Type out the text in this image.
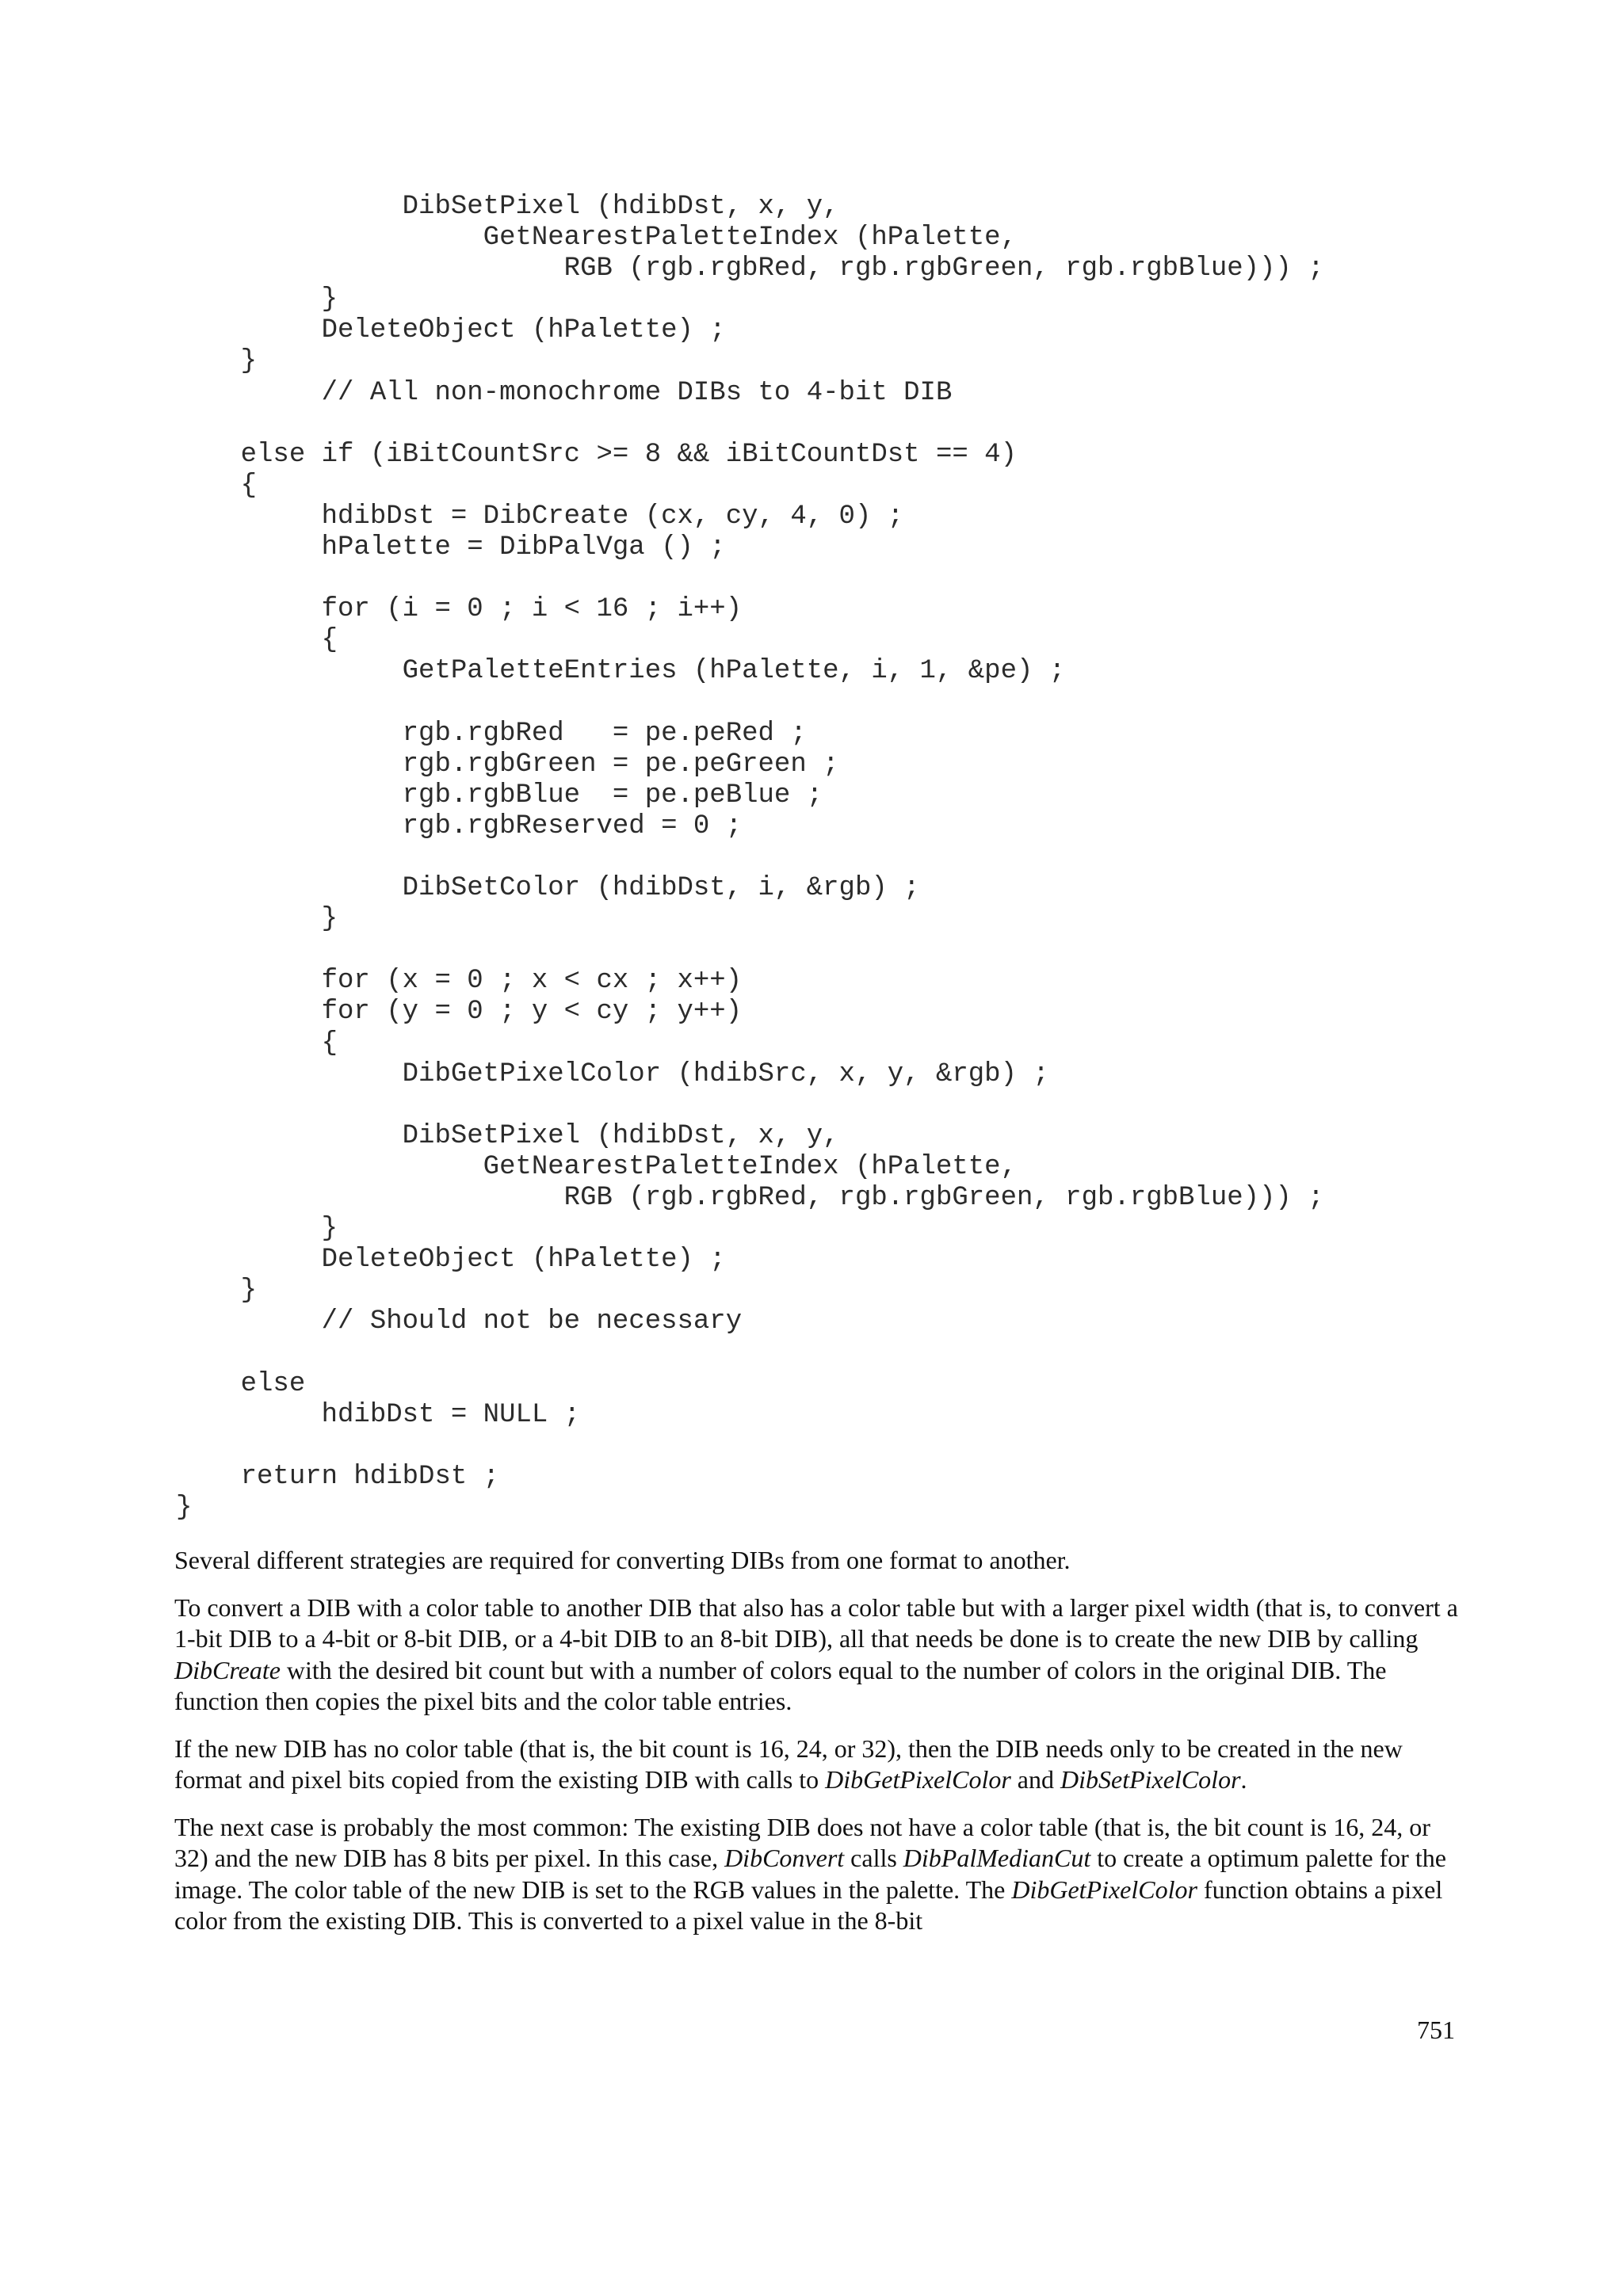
DibSetPixel (hdibDst, x, y,
GetNearestPaletteIndex (hPalette,
RGB (rgb.rgbRed, rgb.rgbGreen, rgb.rgbBlue))) ;
}
DeleteObject (hPalette) ;
}
// All non-monochrome DIBs to 4-bit DIB

else if (iBitCountSrc >= 8 && iBitCountDst == 4)
{
hdibDst = DibCreate (cx, cy, 4, 0) ;
hPalette = DibPalVga () ;

for (i = 0 ; i < 16 ; i++)
{
GetPaletteEntries (hPalette, i, 1, &pe) ;

rgb.rgbRed   = pe.peRed ;
rgb.rgbGreen = pe.peGreen ;
rgb.rgbBlue  = pe.peBlue ;
rgb.rgbReserved = 0 ;

DibSetColor (hdibDst, i, &rgb) ;
}

for (x = 0 ; x < cx ; x++)
for (y = 0 ; y < cy ; y++)
{
DibGetPixelColor (hdibSrc, x, y, &rgb) ;

DibSetPixel (hdibDst, x, y,
GetNearestPaletteIndex (hPalette,
RGB (rgb.rgbRed, rgb.rgbGreen, rgb.rgbBlue))) ;
}
DeleteObject (hPalette) ;
}
// Should not be necessary

else
hdibDst = NULL ;

return hdibDst ;
}

Several different strategies are required for converting DIBs from one format to another.

To convert a DIB with a color table to another DIB that also has a color table but with a larger pixel width (that is, to convert a 1-bit DIB to a 4-bit or 8-bit DIB, or a 4-bit DIB to an 8-bit DIB), all that needs be done is to create the new DIB by calling DibCreate with the desired bit count but with a number of colors equal to the number of colors in the original DIB. The function then copies the pixel bits and the color table entries.

If the new DIB has no color table (that is, the bit count is 16, 24, or 32), then the DIB needs only to be created in the new format and pixel bits copied from the existing DIB with calls to DibGetPixelColor and DibSetPixelColor.

The next case is probably the most common: The existing DIB does not have a color table (that is, the bit count is 16, 24, or 32) and the new DIB has 8 bits per pixel. In this case, DibConvert calls DibPalMedianCut to create a optimum palette for the image. The color table of the new DIB is set to the RGB values in the palette. The DibGetPixelColor function obtains a pixel color from the existing DIB. This is converted to a pixel value in the 8-bit

751
